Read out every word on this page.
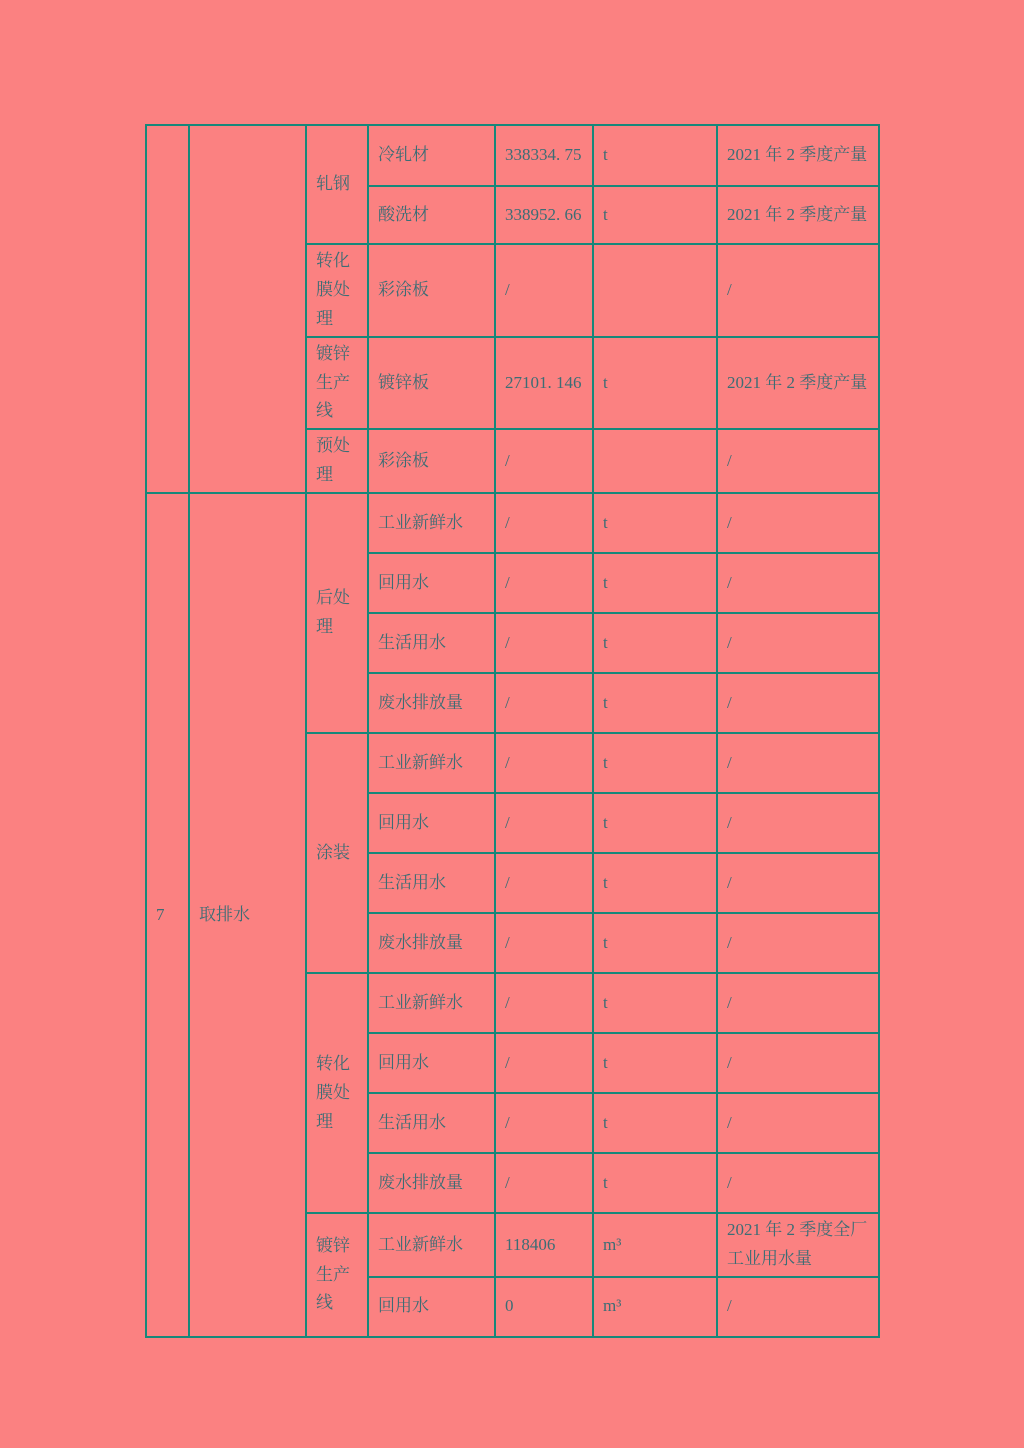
		轧钢	冷轧材	338334. 75	t	2021 年 2 季度产量
			酸洗材	338952. 66	t	2021 年 2 季度产量
		转化膜处理	彩涂板	/		/
		镀锌生产线	镀锌板	27101. 146	t	2021 年 2 季度产量
		预处理	彩涂板	/		/
7	取排水	后处理	工业新鲜水	/	t	/
			回用水	/	t	/
			生活用水	/	t	/
			废水排放量	/	t	/
		涂装	工业新鲜水	/	t	/
			回用水	/	t	/
			生活用水	/	t	/
			废水排放量	/	t	/
		转化膜处理	工业新鲜水	/	t	/
			回用水	/	t	/
			生活用水	/	t	/
			废水排放量	/	t	/
		镀锌生产线	工业新鲜水	118406	m³	2021 年 2 季度全厂工业用水量
			回用水	0	m³	/
